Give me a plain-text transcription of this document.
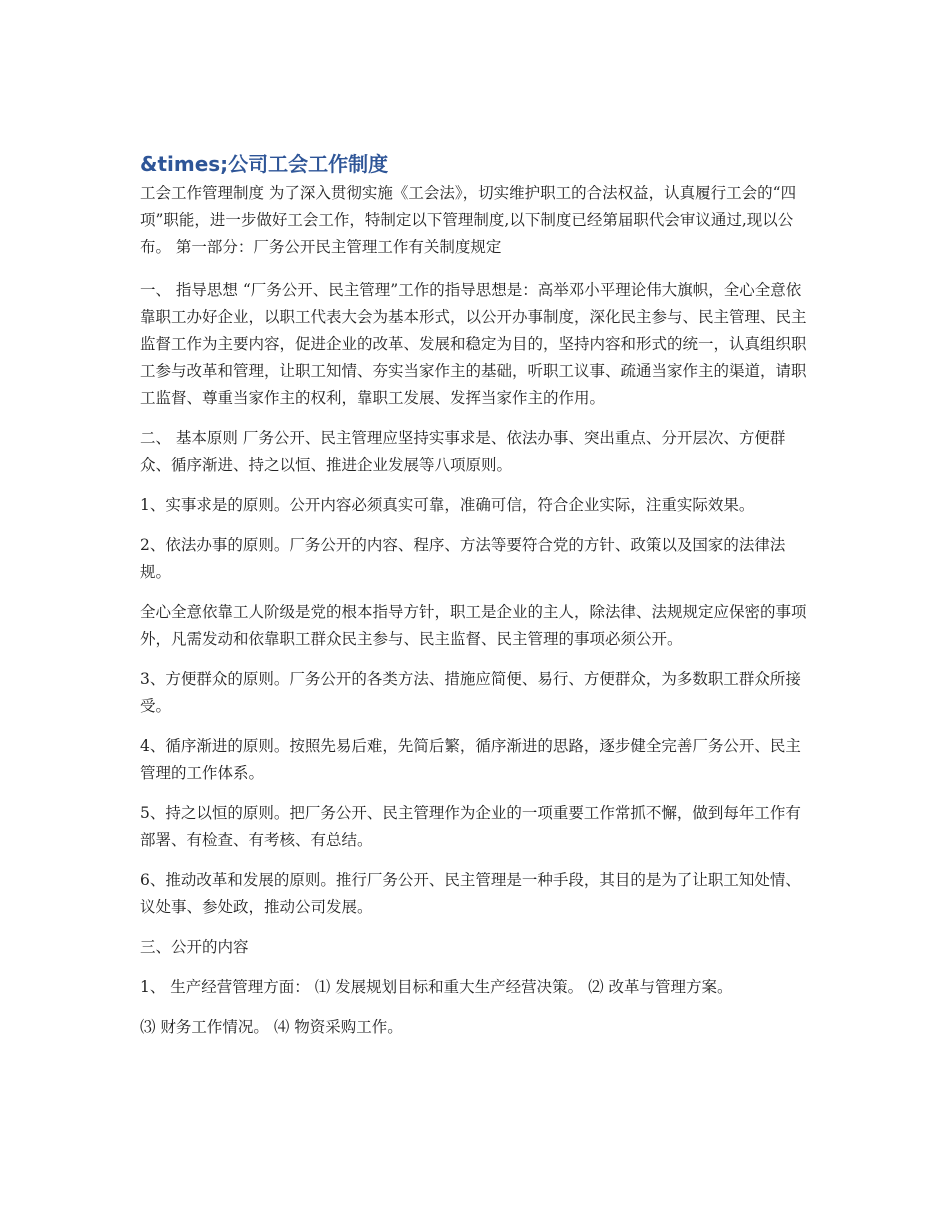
&times;公司工会工作制度

工会工作管理制度 为了深入贯彻实施《工会法》，切实维护职工的合法权益，认真履行工会的“四项”职能，进一步做好工会工作，特制定以下管理制度,以下制度已经第届职代会审议通过,现以公布。 第一部分：厂务公开民主管理工作有关制度规定

一、 指导思想 “厂务公开、民主管理”工作的指导思想是：高举邓小平理论伟大旗帜，全心全意依靠职工办好企业，以职工代表大会为基本形式，以公开办事制度，深化民主参与、民主管理、民主监督工作为主要内容，促进企业的改革、发展和稳定为目的，坚持内容和形式的统一，认真组织职工参与改革和管理，让职工知情、夯实当家作主的基础，听职工议事、疏通当家作主的渠道，请职工监督、尊重当家作主的权利，靠职工发展、发挥当家作主的作用。

二、 基本原则 厂务公开、民主管理应坚持实事求是、依法办事、突出重点、分开层次、方便群众、循序渐进、持之以恒、推进企业发展等八项原则。

1、实事求是的原则。公开内容必须真实可靠，准确可信，符合企业实际，注重实际效果。

2、依法办事的原则。厂务公开的内容、程序、方法等要符合党的方针、政策以及国家的法律法规。

全心全意依靠工人阶级是党的根本指导方针，职工是企业的主人，除法律、法规规定应保密的事项外，凡需发动和依靠职工群众民主参与、民主监督、民主管理的事项必须公开。

3、方便群众的原则。厂务公开的各类方法、措施应简便、易行、方便群众，为多数职工群众所接受。

4、循序渐进的原则。按照先易后难，先简后繁，循序渐进的思路，逐步健全完善厂务公开、民主管理的工作体系。

5、持之以恒的原则。把厂务公开、民主管理作为企业的一项重要工作常抓不懈，做到每年工作有部署、有检查、有考核、有总结。

6、推动改革和发展的原则。推行厂务公开、民主管理是一种手段，其目的是为了让职工知处情、议处事、参处政，推动公司发展。

三、公开的内容

1、 生产经营管理方面： ⑴ 发展规划目标和重大生产经营决策。 ⑵ 改革与管理方案。

⑶ 财务工作情况。 ⑷ 物资采购工作。
